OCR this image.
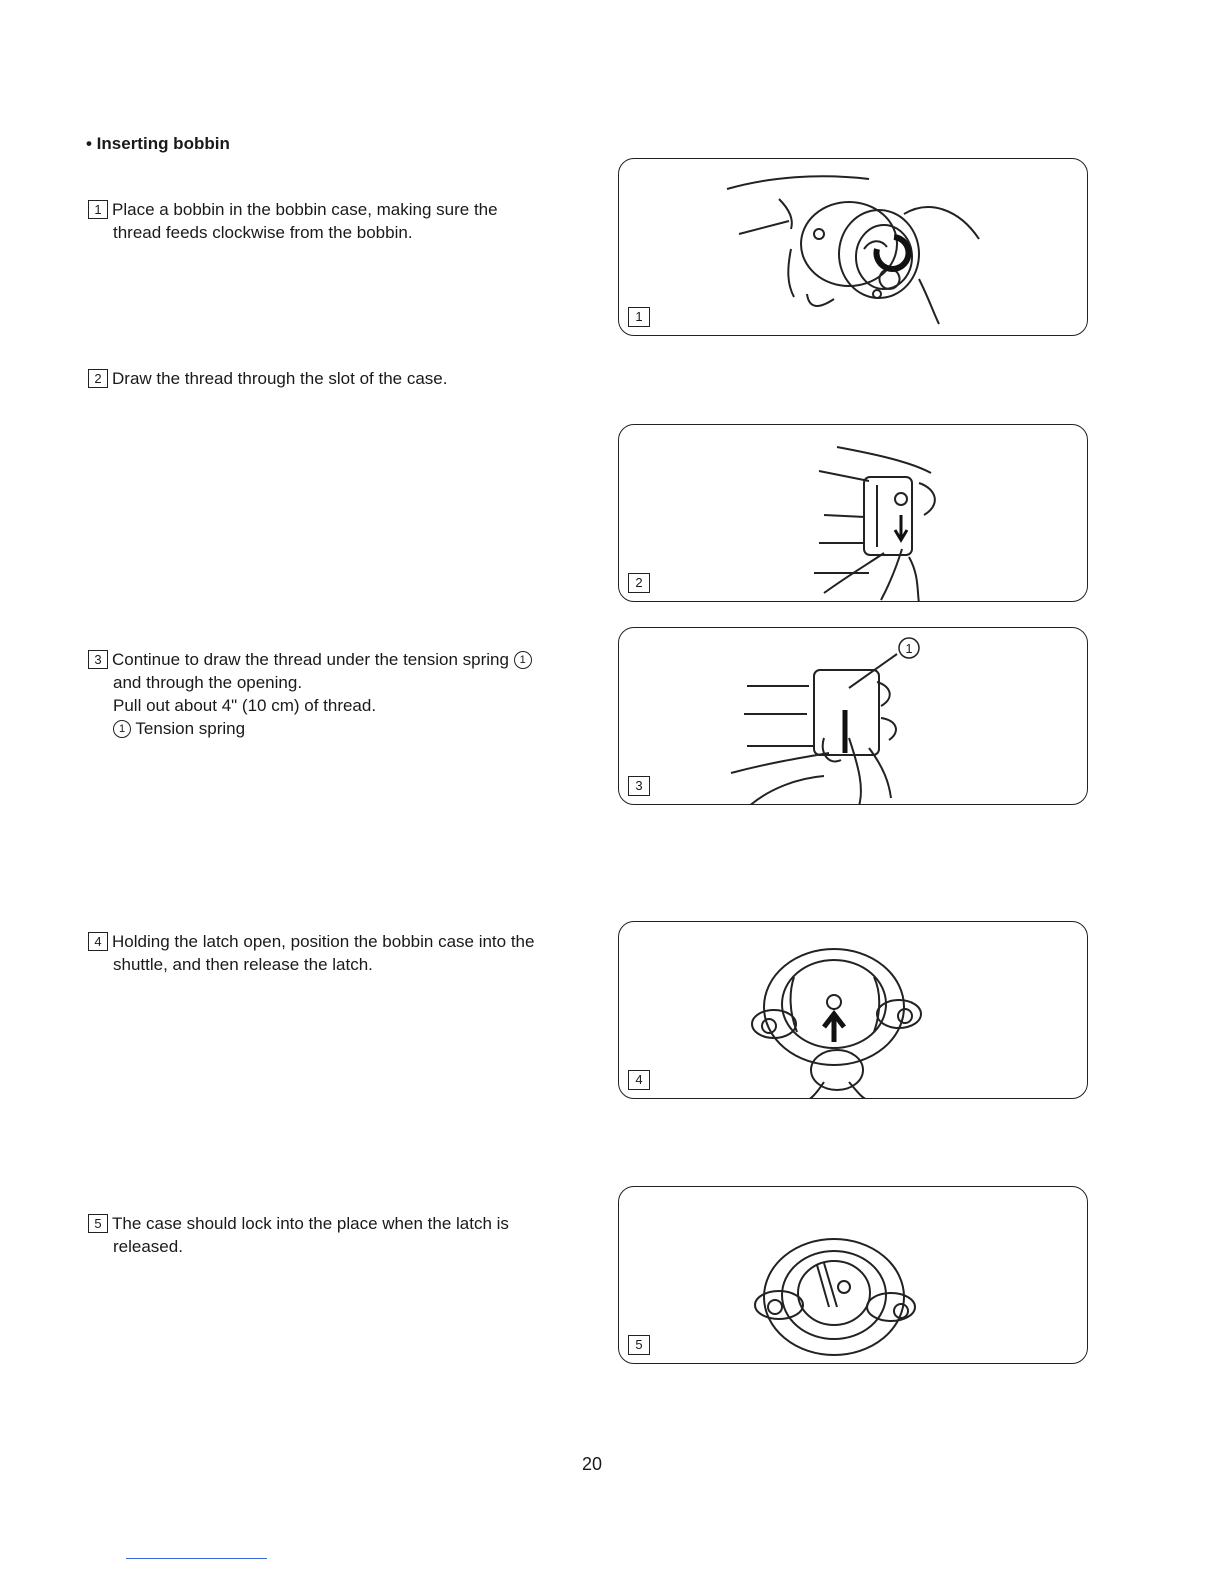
• Inserting bobbin
1 Place a bobbin in the bobbin case, making sure the
thread feeds clockwise from the bobbin.
2 Draw the thread through the slot of the case.
3 Continue to draw the thread under the tension spring 1
and through the opening.
Pull out about 4" (10 cm) of thread.
1 Tension spring
4 Holding the latch open, position the bobbin case into the
shuttle, and then release the latch.
5 The case should lock into the place when the latch is
released.
1
2
1
3
4
5
20
